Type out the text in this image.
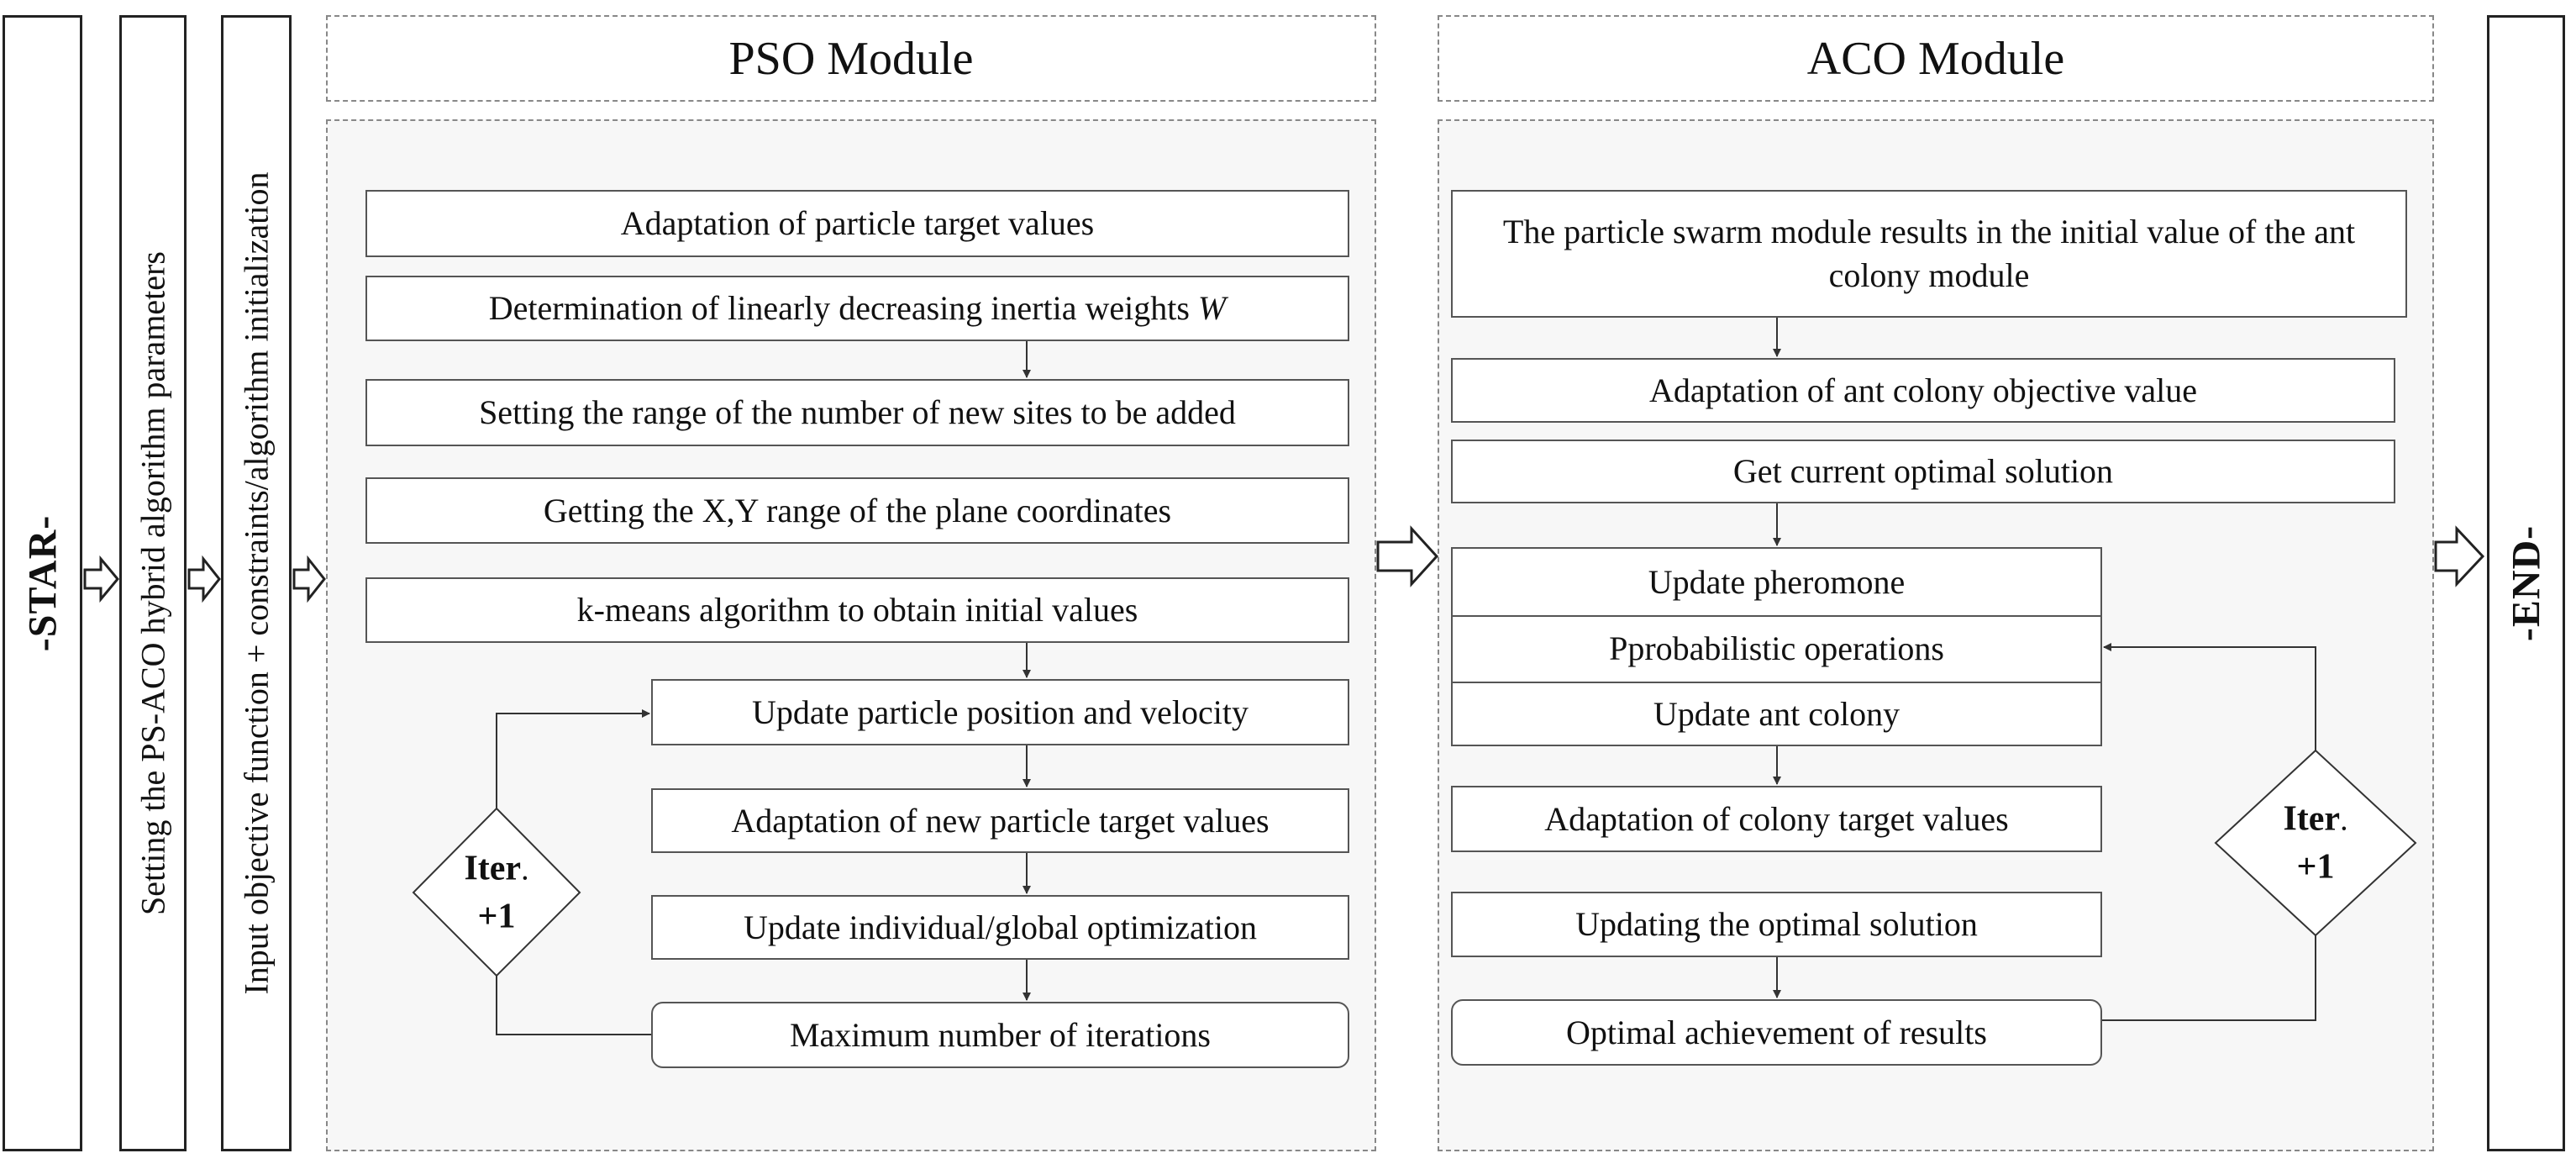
-STAR- Setting the PS-ACO hybrid algorithm parameters Input objective function + constraints/algorithm initialization	-END-
PSO Module
Adaptation of particle target values
Determination of linearly decreasing inertia weights W
Setting the range of the number of new sites to be added
Getting the X,Y range of the plane coordinates
k-means algorithm to obtain initial values
Update particle position and velocity
Adaptation of new particle target values
Update individual/global optimization
Maximum number of iterations
ACO Module
The particle swarm module results in the initial value of the ant colony module
Adaptation of ant colony objective value
Get current optimal solution
Update pheromone
Pprobabilistic operations
Update ant colony
Adaptation of colony target values
Updating the optimal solution
Optimal achievement of results
Iter.
+1
Iter.
+1
